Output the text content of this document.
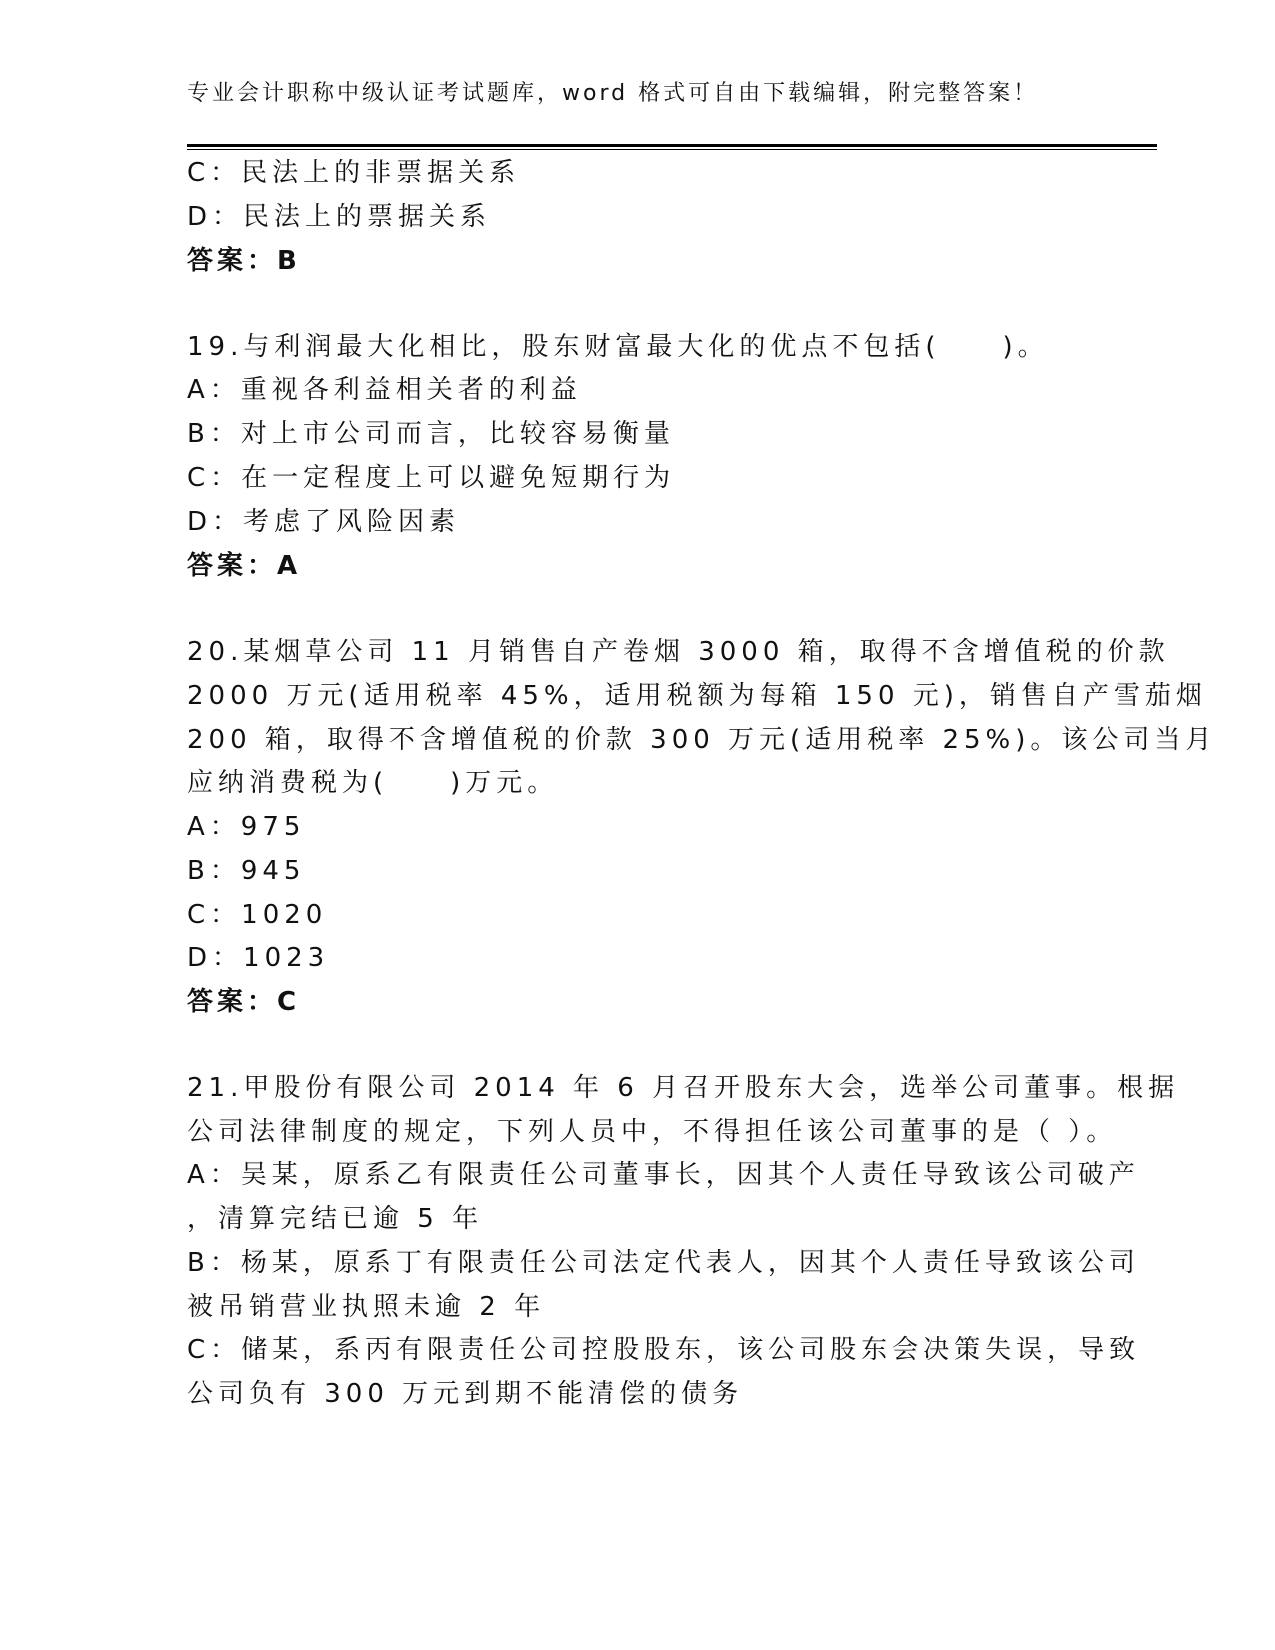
专业会计职称中级认证考试题库，word 格式可自由下载编辑，附完整答案！
C：民法上的非票据关系
D：民法上的票据关系
答案：B
19.与利润最大化相比，股东财富最大化的优点不包括(　　)。
A：重视各利益相关者的利益
B：对上市公司而言，比较容易衡量
C：在一定程度上可以避免短期行为
D：考虑了风险因素
答案：A
20.某烟草公司 11 月销售自产卷烟 3000 箱，取得不含增值税的价款
2000 万元(适用税率 45%，适用税额为每箱 150 元)，销售自产雪茄烟
200 箱，取得不含增值税的价款 300 万元(适用税率 25%)。该公司当月
应纳消费税为(　　)万元。
A：975
B：945
C：1020
D：1023
答案：C
21.甲股份有限公司 2014 年 6 月召开股东大会，选举公司董事。根据
公司法律制度的规定，下列人员中，不得担任该公司董事的是（ ）。
A：吴某，原系乙有限责任公司董事长，因其个人责任导致该公司破产
，清算完结已逾 5 年
B：杨某，原系丁有限责任公司法定代表人，因其个人责任导致该公司
被吊销营业执照未逾 2 年
C：储某，系丙有限责任公司控股股东，该公司股东会决策失误，导致
公司负有 300 万元到期不能清偿的债务
